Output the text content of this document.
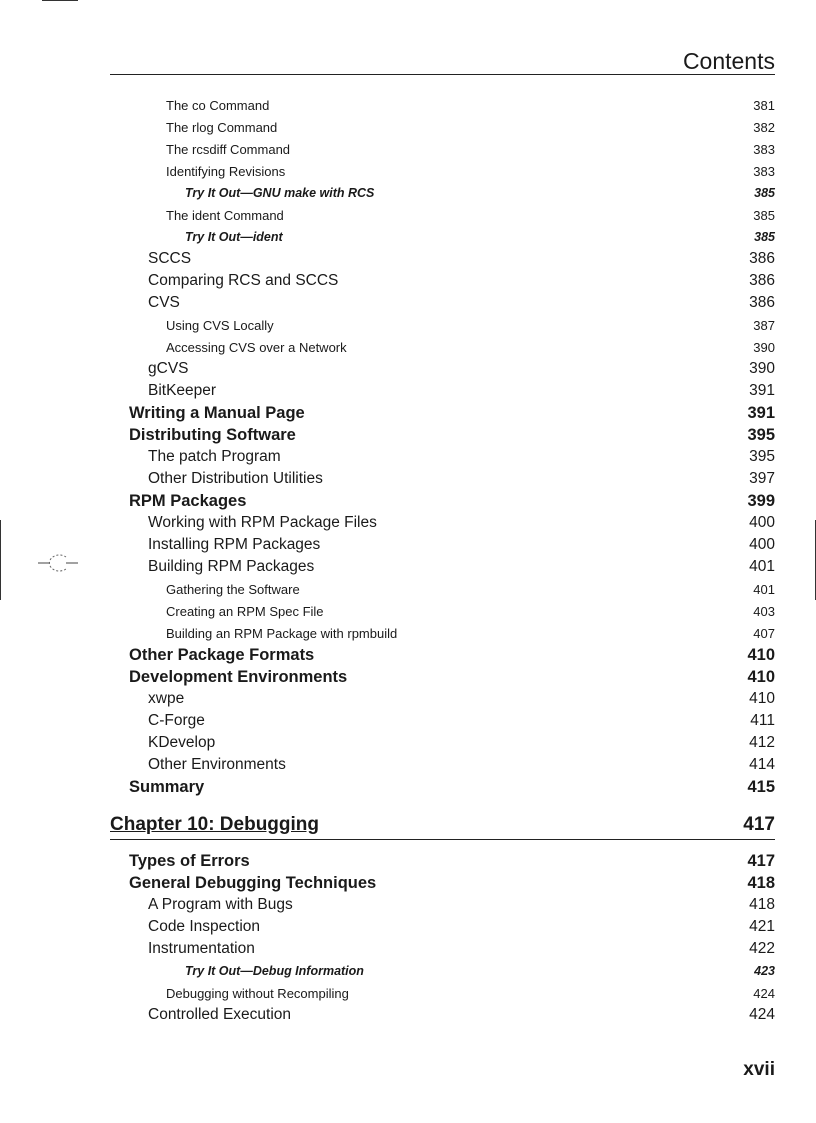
Contents
The co Command	381
The rlog Command	382
The rcsdiff Command	383
Identifying Revisions	383
Try It Out—GNU make with RCS	385
The ident Command	385
Try It Out—ident	385
SCCS	386
Comparing RCS and SCCS	386
CVS	386
Using CVS Locally	387
Accessing CVS over a Network	390
gCVS	390
BitKeeper	391
Writing a Manual Page	391
Distributing Software	395
The patch Program	395
Other Distribution Utilities	397
RPM Packages	399
Working with RPM Package Files	400
Installing RPM Packages	400
Building RPM Packages	401
Gathering the Software	401
Creating an RPM Spec File	403
Building an RPM Package with rpmbuild	407
Other Package Formats	410
Development Environments	410
xwpe	410
C-Forge	411
KDevelop	412
Other Environments	414
Summary	415
Chapter 10: Debugging	417
Types of Errors	417
General Debugging Techniques	418
A Program with Bugs	418
Code Inspection	421
Instrumentation	422
Try It Out—Debug Information	423
Debugging without Recompiling	424
Controlled Execution	424
xvii
